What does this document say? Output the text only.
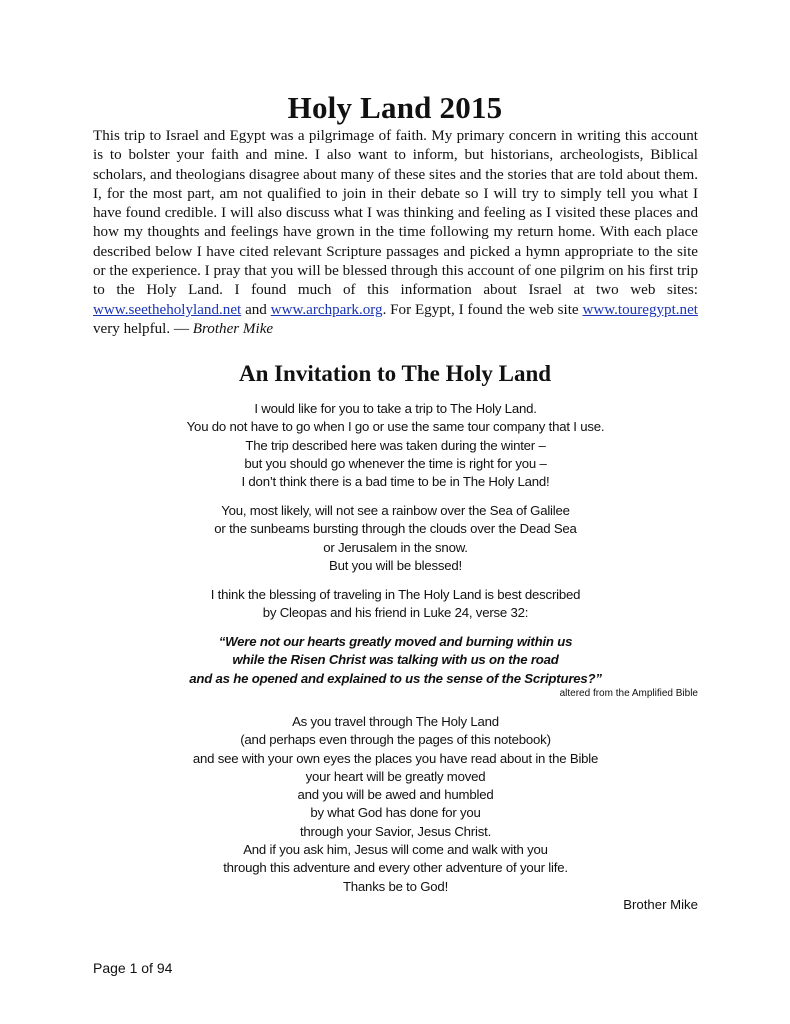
Holy Land 2015

This trip to Israel and Egypt was a pilgrimage of faith. My primary concern in writing this account is to bolster your faith and mine. I also want to inform, but historians, archeologists, Biblical scholars, and theologians disagree about many of these sites and the stories that are told about them. I, for the most part, am not qualified to join in their debate so I will try to simply tell you what I have found credible. I will also discuss what I was thinking and feeling as I visited these places and how my thoughts and feelings have grown in the time following my return home. With each place described below I have cited relevant Scripture passages and picked a hymn appropriate to the site or the experience. I pray that you will be blessed through this account of one pilgrim on his first trip to the Holy Land. I found much of this information about Israel at two web sites: www.seetheholyland.net and www.archpark.org. For Egypt, I found the web site www.touregypt.net very helpful. — Brother Mike

An Invitation to The Holy Land
I would like for you to take a trip to The Holy Land.
You do not have to go when I go or use the same tour company that I use.
The trip described here was taken during the winter –
but you should go whenever the time is right for you –
I don’t think there is a bad time to be in The Holy Land!
You, most likely, will not see a rainbow over the Sea of Galilee
or the sunbeams bursting through the clouds over the Dead Sea
or Jerusalem in the snow.
But you will be blessed!
I think the blessing of traveling in The Holy Land is best described
by Cleopas and his friend in Luke 24, verse 32:
“Were not our hearts greatly moved and burning within us
while the Risen Christ was talking with us on the road
and as he opened and explained to us the sense of the Scriptures?”
altered from the Amplified Bible
As you travel through The Holy Land
(and perhaps even through the pages of this notebook)
and see with your own eyes the places you have read about in the Bible
your heart will be greatly moved
and you will be awed and humbled
by what God has done for you
through your Savior, Jesus Christ.
And if you ask him, Jesus will come and walk with you
through this adventure and every other adventure of your life.
Thanks be to God!
Brother Mike
Page 1 of 94
